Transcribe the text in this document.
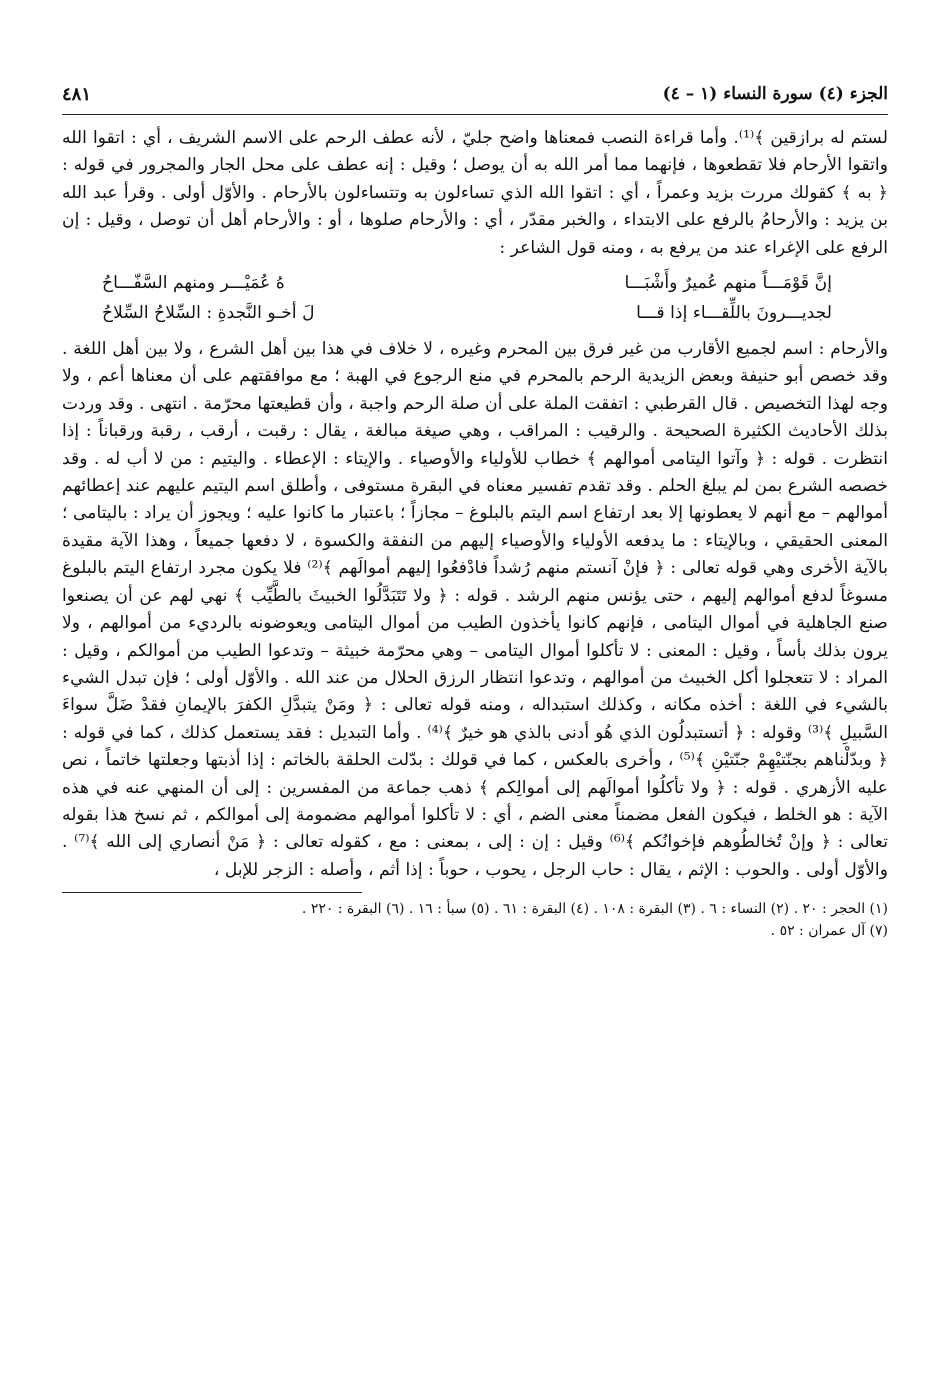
الجزء (٤) سورة النساء (١ – ٤)
٤٨١

لستم له برازقين ﴾⁽¹⁾. وأما قراءة النصب فمعناها واضح جليّ ، لأنه عطف الرحم على الاسم الشريف ، أي : اتقوا الله واتقوا الأرحام فلا تقطعوها ، فإنهما مما أمر الله به أن يوصل ؛ وقيل : إنه عطف على محل الجار والمجرور في قوله : ﴿ به ﴾ كقولك مررت بزيد وعمراً ، أي : اتقوا الله الذي تساءلون به وتتساءلون بالأرحام . والأوّل أولى . وقرأ عبد الله بن يزيد : والأرحامُ بالرفع على الابتداء ، والخبر مقدّر ، أي : والأرحام صلوها ، أو : والأرحام أهل أن توصل ، وقيل : إن الرفع على الإغراء عند من يرفع به ، ومنه قول الشاعر :

إنَّ قَوْمَـــاً منهم عُميرٌ وأَشْبَـــا
هُ عُمَيْـــر ومنهم السَّفّـــاحُ
لجديـــرونَ باللِّقـــاء إذا قـــا
لَ أخـو النَّجدةِ : السِّلاحُ السِّلاحُ

والأرحام : اسم لجميع الأقارب من غير فرق بين المحرم وغيره ، لا خلاف في هذا بين أهل الشرع ، ولا بين أهل اللغة . وقد خصص أبو حنيفة وبعض الزيدية الرحم بالمحرم في منع الرجوع في الهبة ؛ مع موافقتهم على أن معناها أعم ، ولا وجه لهذا التخصيص . قال القرطبي : اتفقت الملة على أن صلة الرحم واجبة ، وأن قطيعتها محرّمة . انتهى . وقد وردت بذلك الأحاديث الكثيرة الصحيحة . والرقيب : المراقب ، وهي صيغة مبالغة ، يقال : رقبت ، أرقب ، رقبة ورقباناً : إذا انتظرت . قوله : ﴿ وآتوا اليتامى أموالهم ﴾ خطاب للأولياء والأوصياء . والإيتاء : الإعطاء . واليتيم : من لا أب له . وقد خصصه الشرع بمن لم يبلغ الحلم . وقد تقدم تفسير معناه في البقرة مستوفى ، وأطلق اسم اليتيم عليهم عند إعطائهم أموالهم – مع أنهم لا يعطونها إلا بعد ارتفاع اسم اليتم بالبلوغ – مجازاً ؛ باعتبار ما كانوا عليه ؛ ويجوز أن يراد : باليتامى ؛ المعنى الحقيقي ، وبالإيتاء : ما يدفعه الأولياء والأوصياء إليهم من النفقة والكسوة ، لا دفعها جميعاً ، وهذا الآية مقيدة بالآية الأخرى وهي قوله تعالى : ﴿ فإنْ آنستم منهم رُشداً فادْفعُوا إليهم أموالَهم ﴾⁽²⁾ فلا يكون مجرد ارتفاع اليتم بالبلوغ مسوغاً لدفع أموالهم إليهم ، حتى يؤنس منهم الرشد . قوله : ﴿ ولا تَتَبَدَّلُوا الخبيثَ بالطَّيِّب ﴾ نهي لهم عن أن يصنعوا صنع الجاهلية في أموال اليتامى ، فإنهم كانوا يأخذون الطيب من أموال اليتامى ويعوضونه بالرديء من أموالهم ، ولا يرون بذلك بأساً ، وقيل : المعنى : لا تأكلوا أموال اليتامى – وهي محرّمة خبيثة – وتدعوا الطيب من أموالكم ، وقيل : المراد : لا تتعجلوا أكل الخبيث من أموالهم ، وتدعوا انتظار الرزق الحلال من عند الله . والأوّل أولى ؛ فإن تبدل الشيء بالشيء في اللغة : أخذه مكانه ، وكذلك استبداله ، ومنه قوله تعالى : ﴿ ومَنْ يتبدَّلِ الكفرَ بالإيمانِ فقدْ ضَلَّ سواءَ السَّبيلِ ﴾⁽³⁾ وقوله : ﴿ أتستبدلُون الذي هُو أدنى بالذي هو خيرٌ ﴾⁽⁴⁾ . وأما التبديل : فقد يستعمل كذلك ، كما في قوله : ﴿ وبدّلْناهم بجنّتيْهِمْ جنّتيْنِ ﴾⁽⁵⁾ ، وأخرى بالعكس ، كما في قولك : بدّلت الحلقة بالخاتم : إذا أذبتها وجعلتها خاتماً ، نص عليه الأزهري . قوله : ﴿ ولا تأكلُوا أموالَهم إلى أموالِكم ﴾ ذهب جماعة من المفسرين : إلى أن المنهي عنه في هذه الآية : هو الخلط ، فيكون الفعل مضمناً معنى الضم ، أي : لا تأكلوا أموالهم مضمومة إلى أموالكم ، ثم نسخ هذا بقوله تعالى : ﴿ وإنْ تُخالطُوهم فإخوانُكم ﴾⁽⁶⁾ وقيل : إن : إلى ، بمعنى : مع ، كقوله تعالى : ﴿ مَنْ أنصاري إلى الله ﴾⁽⁷⁾ . والأوّل أولى . والحوب : الإثم ، يقال : حاب الرجل ، يحوب ، حوباً : إذا أثم ، وأصله : الزجر للإبل ،

(١) الحجر : ٢٠ . (٢) النساء : ٦ . (٣) البقرة : ١٠٨ . (٤) البقرة : ٦١ . (٥) سبأ : ١٦ . (٦) البقرة : ٢٢٠ .
(٧) آل عمران : ٥٢ .
